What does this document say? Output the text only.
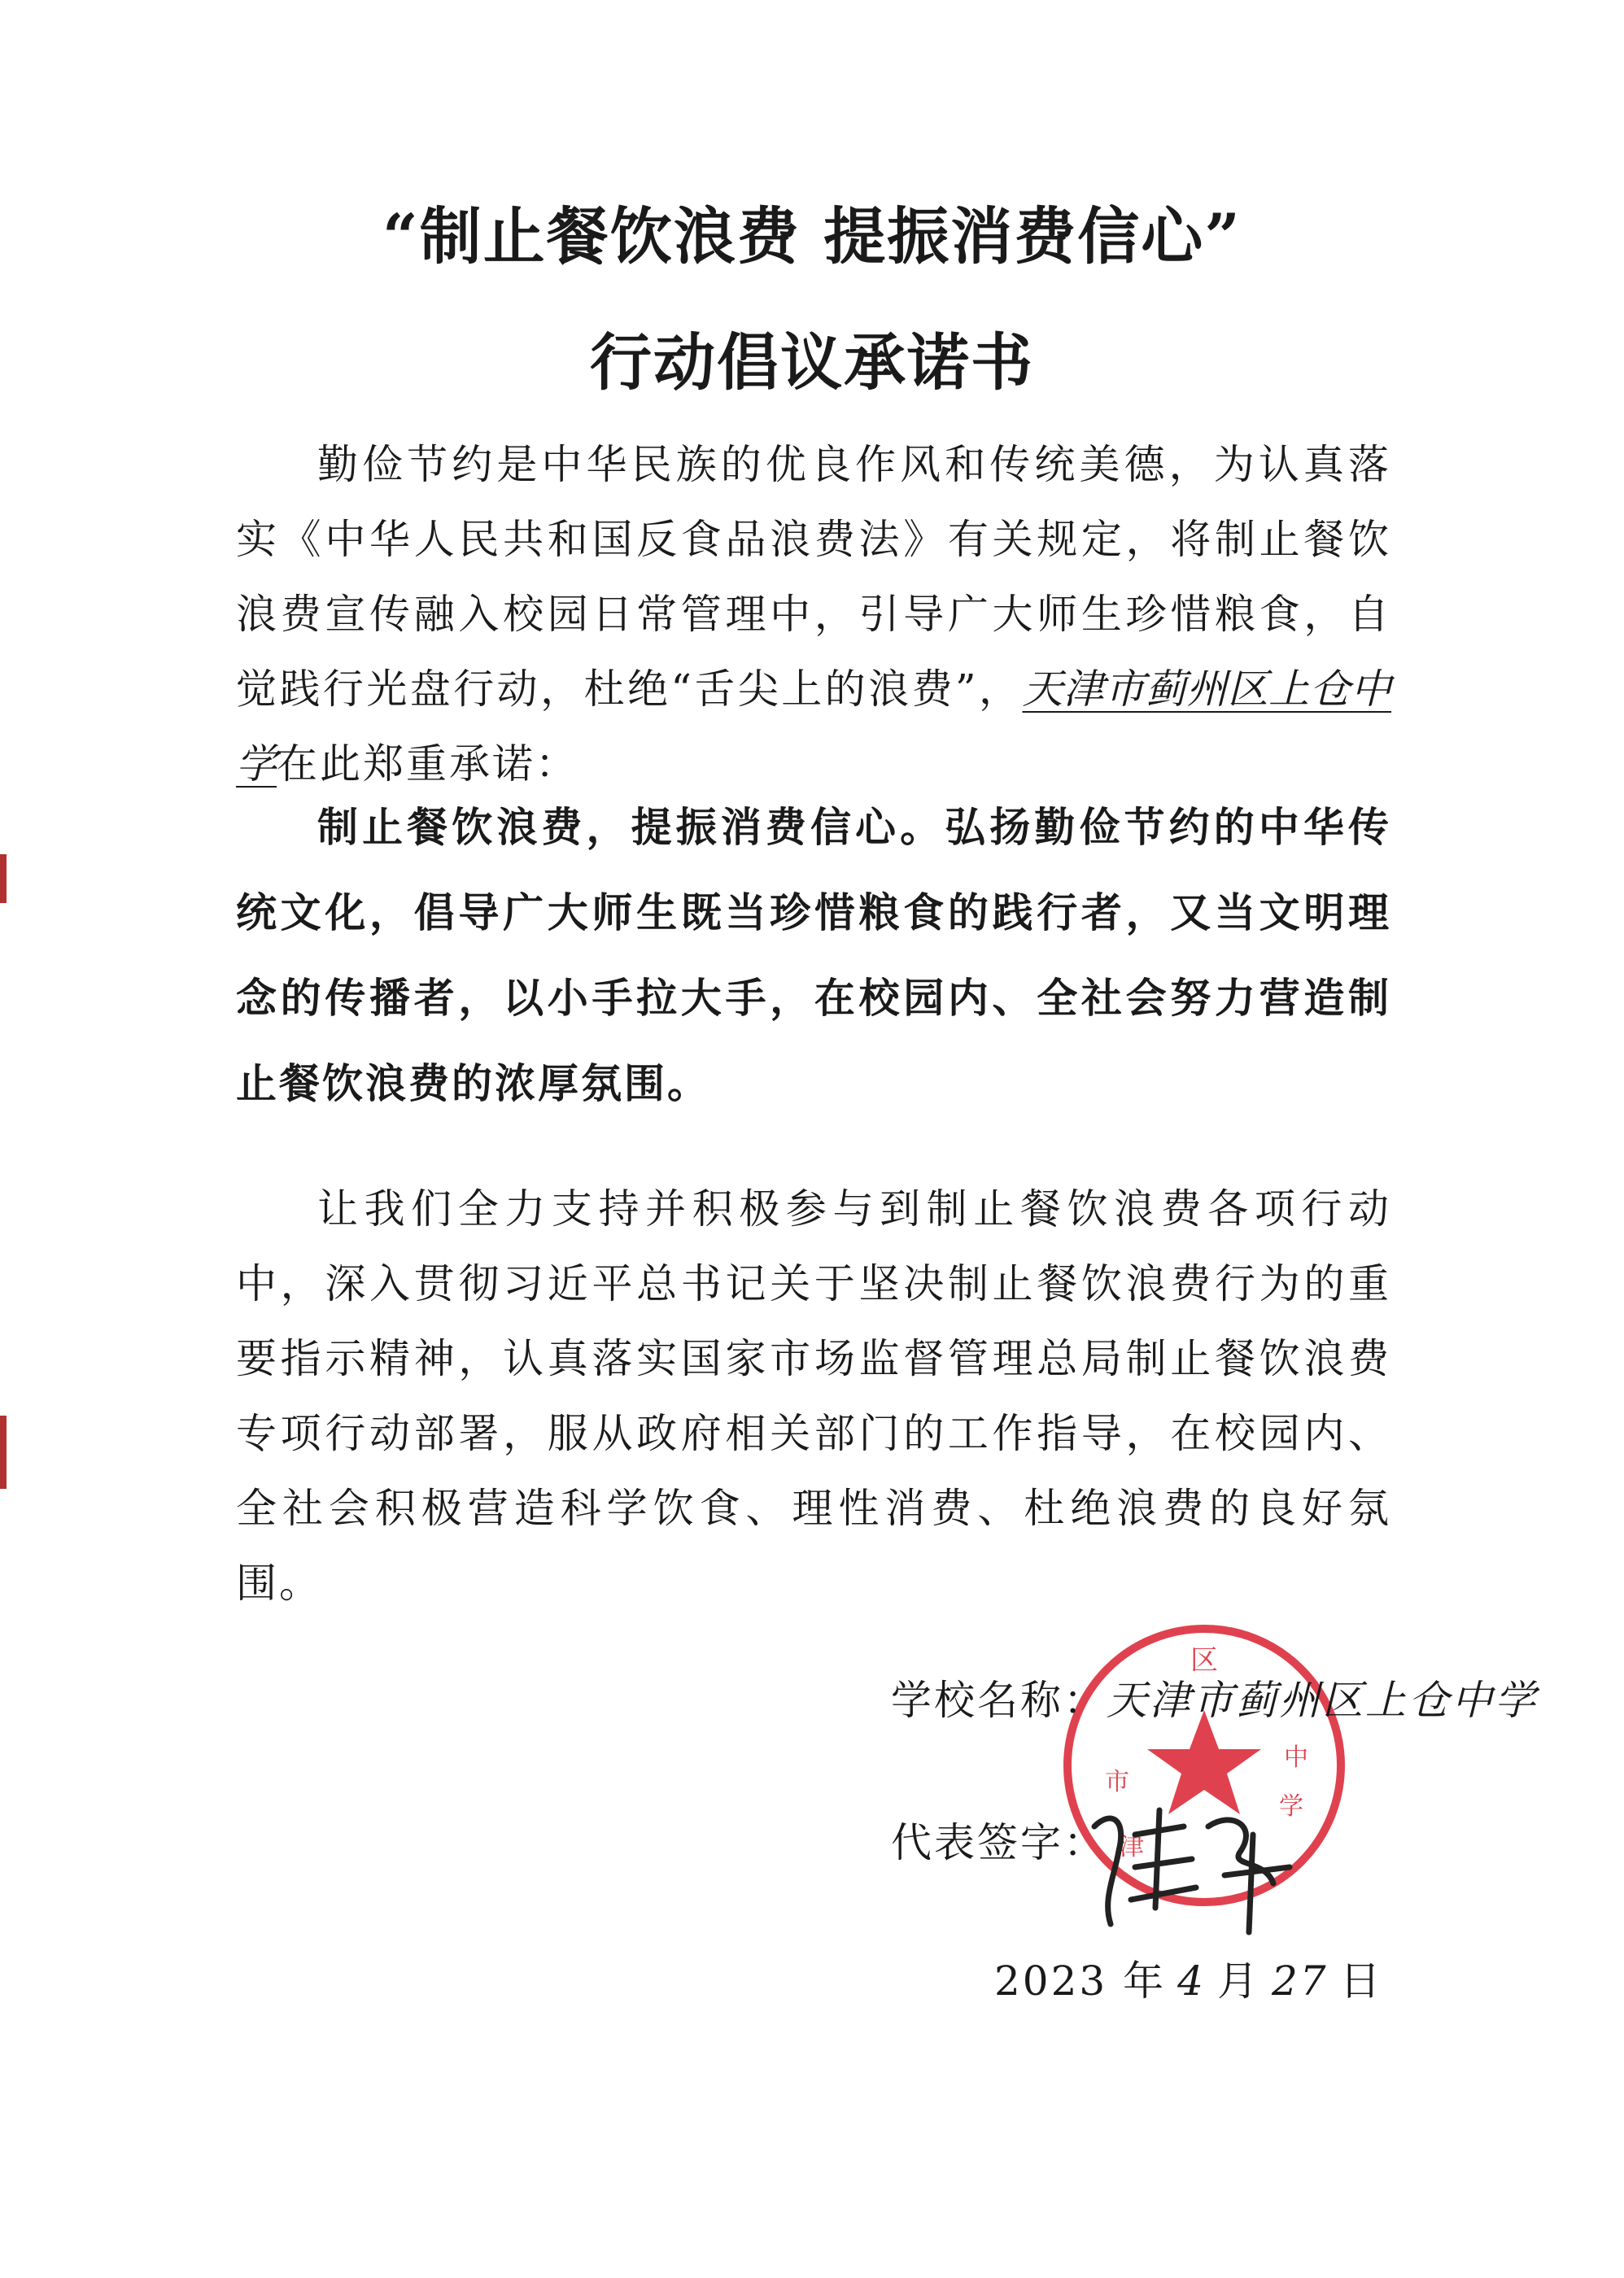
“制止餐饮浪费 提振消费信心”
行动倡议承诺书

勤俭节约是中华民族的优良作风和传统美德，为认真落实《中华人民共和国反食品浪费法》有关规定，将制止餐饮浪费宣传融入校园日常管理中，引导广大师生珍惜粮食，自觉践行光盘行动，杜绝“舌尖上的浪费”，天津市蓟州区上仓中学在此郑重承诺：

制止餐饮浪费，提振消费信心。弘扬勤俭节约的中华传统文化，倡导广大师生既当珍惜粮食的践行者，又当文明理念的传播者，以小手拉大手，在校园内、全社会努力营造制止餐饮浪费的浓厚氛围。

让我们全力支持并积极参与到制止餐饮浪费各项行动中，深入贯彻习近平总书记关于坚决制止餐饮浪费行为的重要指示精神，认真落实国家市场监督管理总局制止餐饮浪费专项行动部署，服从政府相关部门的工作指导，在校园内、全社会积极营造科学饮食、理性消费、杜绝浪费的良好氛围。

区
市
津
中
学
学校名称：天津市蓟州区上仓中学
代表签字：
2023 年 4 月 27 日
